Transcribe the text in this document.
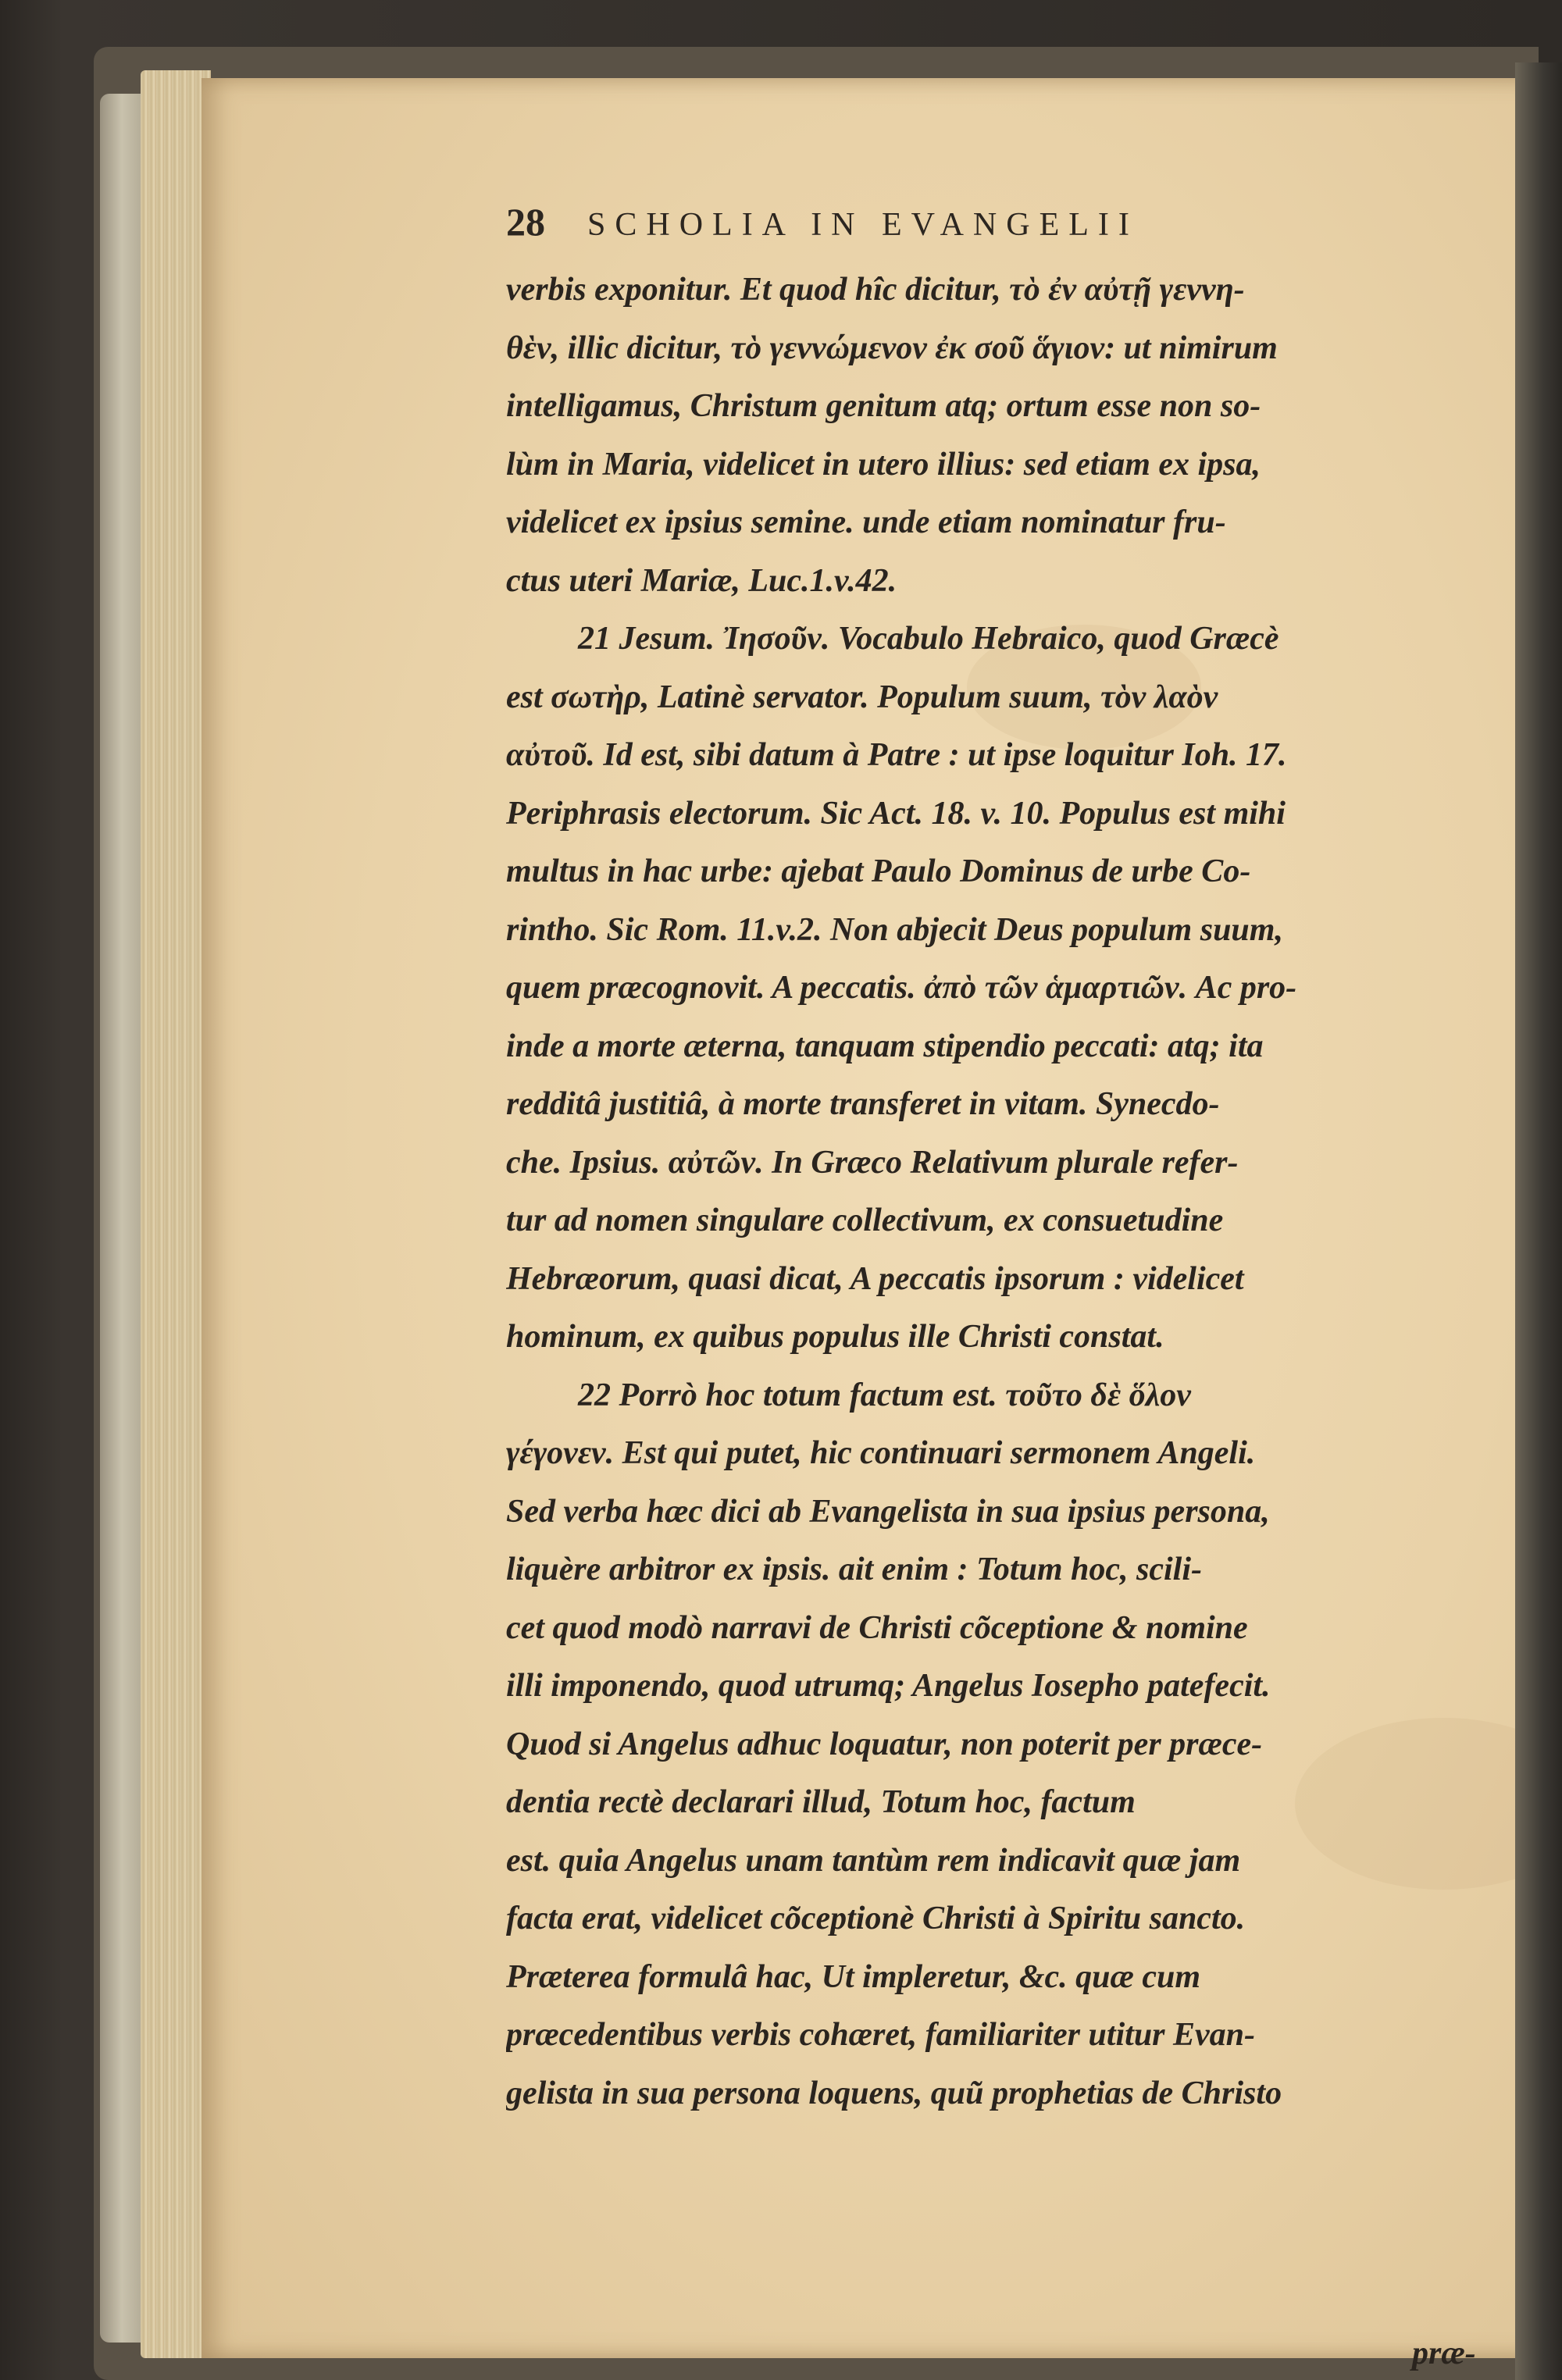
28 SCHOLIA IN EVANGELII
verbis exponitur. Et quod hîc dicitur, τὸ ἐν αὐτῇ γεννη-
θὲν, illic dicitur, τὸ γεννώμενον ἐκ σοῦ ἅγιον: ut nimirum
intelligamus, Christum genitum atq; ortum esse non so-
lùm in Maria, videlicet in utero illius: sed etiam ex ipsa,
videlicet ex ipsius semine. unde etiam nominatur fru-
ctus uteri Mariæ, Luc.1.v.42.
21 Jesum. Ἰησοῦν. Vocabulo Hebraico, quod Græcè
est σωτὴρ, Latinè servator. Populum suum, τὸν λαὸν
αὐτοῦ. Id est, sibi datum à Patre : ut ipse loquitur Ioh. 17.
Periphrasis electorum. Sic Act. 18. v. 10. Populus est mihi
multus in hac urbe: ajebat Paulo Dominus de urbe Co-
rintho. Sic Rom. 11.v.2. Non abjecit Deus populum suum,
quem præcognovit. A peccatis. ἀπὸ τῶν ἁμαρτιῶν. Ac pro-
inde a morte æterna, tanquam stipendio peccati: atq; ita
redditâ justitiâ, à morte transferet in vitam. Synecdo-
che. Ipsius. αὐτῶν. In Græco Relativum plurale refer-
tur ad nomen singulare collectivum, ex consuetudine
Hebræorum, quasi dicat, A peccatis ipsorum : videlicet
hominum, ex quibus populus ille Christi constat.
22 Porrò hoc totum factum est. τοῦτο δὲ ὅλον
γέγονεν. Est qui putet, hic continuari sermonem Angeli.
Sed verba hæc dici ab Evangelista in sua ipsius persona,
liquère arbitror ex ipsis. ait enim : Totum hoc, scili-
cet quod modò narravi de Christi cõceptione & nomine
illi imponendo, quod utrumq; Angelus Iosepho patefecit.
Quod si Angelus adhuc loquatur, non poterit per præce-
dentia rectè declarari illud, Totum hoc, factum
est. quia Angelus unam tantùm rem indicavit quæ jam
facta erat, videlicet cõceptionè Christi à Spiritu sancto.
Præterea formulâ hac, Ut impleretur, &c. quæ cum
præcedentibus verbis cohæret, familiariter utitur Evan-
gelista in sua persona loquens, quũ prophetias de Christo
præ-
